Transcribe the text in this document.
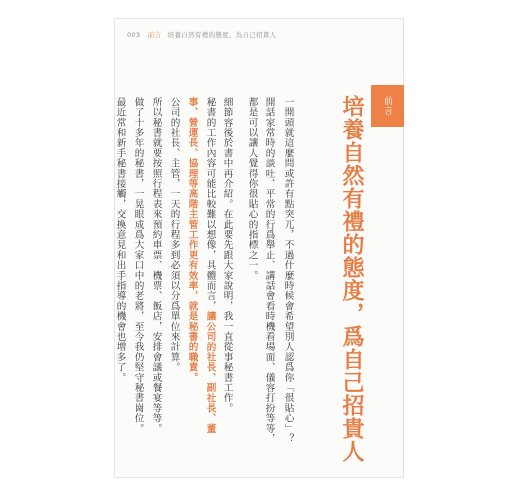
003 前言 培養自然有禮的態度，為自己招貴人
前言
培養自然有禮的態度，爲自己招貴人
一開頭就這麼問或許有點突兀，不過什麼時候會希望別人認爲你「很貼心」？
開話家常時的談吐、平常的行爲舉止、講話會看時機看場面、儀容打扮等等，
都是可以讓人覺得你很貼心的指標之一。
細節容後於書中再介紹。在此要先跟大家說明，我一直從事秘書工作。
秘書的工作內容可能比較難以想像，具體而言，讓公司的社長、副社長、董
事、營運長、協理等高階主管工作更有效率，就是秘書的職責。
公司的社長、主管，一天的行程多到必須以分爲單位來計算。
所以秘書就要按照行程表來預約車票、機票、飯店，安排會議或餐宴等等。
做了十多年的秘書，一晃眼成爲大家口中的老將，至今我仍堅守秘書崗位。
最近常和新手秘書接觸，交換意見和出手指導的機會也增多了。
